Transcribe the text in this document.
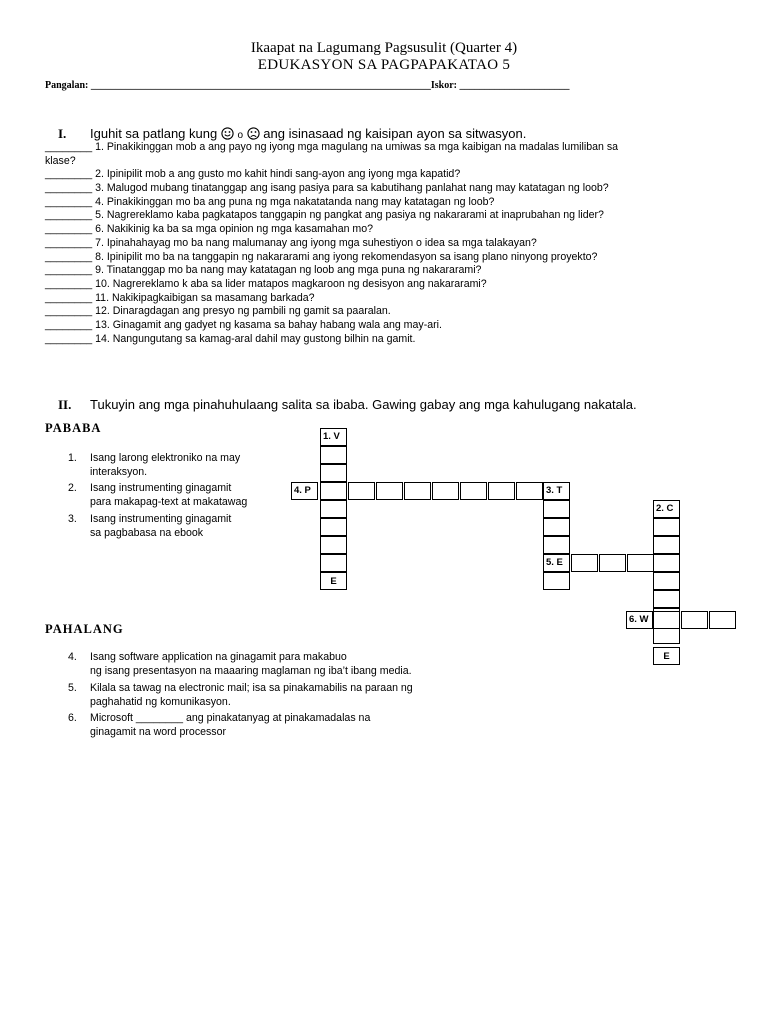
Ikaapat na Lagumang Pagsusulit (Quarter 4)
EDUKASYON SA PAGPAPAKATAO 5
Pangalan: ____________________________________________________________________Iskor: ______________________
I. Iguhit sa patlang kung o ang isinasaad ng kaisipan ayon sa sitwasyon.
________ 1. Pinakikinggan mob a ang payo ng iyong mga magulang na umiwas sa mga kaibigan na madalas lumiliban sa
klase?
________ 2. Ipinipilit mob a ang gusto mo kahit hindi sang-ayon ang iyong mga kapatid?
________ 3. Malugod mubang tinatanggap ang isang pasiya para sa kabutihang panlahat nang may katatagan ng loob?
________ 4. Pinakikinggan mo ba ang puna ng mga nakatatanda nang may katatagan ng loob?
________ 5. Nagrereklamo kaba pagkatapos tanggapin ng pangkat ang pasiya ng nakararami at inaprubahan ng lider?
________ 6. Nakikinig ka ba sa mga opinion ng mga kasamahan mo?
________ 7. Ipinahahayag mo ba nang malumanay ang iyong mga suhestiyon o idea sa mga talakayan?
________ 8. Ipinipilit mo ba na tanggapin ng nakararami ang iyong rekomendasyon sa isang plano ninyong proyekto?
________ 9. Tinatanggap mo ba nang may katatagan ng loob ang mga puna ng nakararami?
________ 10. Nagrereklamo k aba sa lider matapos magkaroon ng desisyon ang nakararami?
________ 11. Nakikipagkaibigan sa masamang barkada?
________ 12. Dinaragdagan ang presyo ng pambili ng gamit sa paaralan.
________ 13. Ginagamit ang gadyet ng kasama sa bahay habang wala ang may-ari.
________ 14. Nangungutang sa kamag-aral dahil may gustong bilhin na gamit.
II. Tukuyin ang mga pinahuhulaang salita sa ibaba. Gawing gabay ang mga kahulugang nakatala.
PABABA
1. Isang larong elektroniko na may
interaksyon.
2. Isang instrumenting ginagamit
para makapag-text at makatawag
3. Isang instrumenting ginagamit
sa pagbabasa na ebook
PAHALANG
4. Isang software application na ginagamit para makabuo
ng isang presentasyon na maaaring maglaman ng iba’t ibang media.
5. Kilala sa tawag na electronic mail; isa sa pinakamabilis na paraan ng
paghahatid ng komunikasyon.
6. Microsoft ________ ang pinakatanyag at pinakamadalas na
ginagamit na word processor
1. V
E
4. P	3. T
2. C
6. W
E
5. E
